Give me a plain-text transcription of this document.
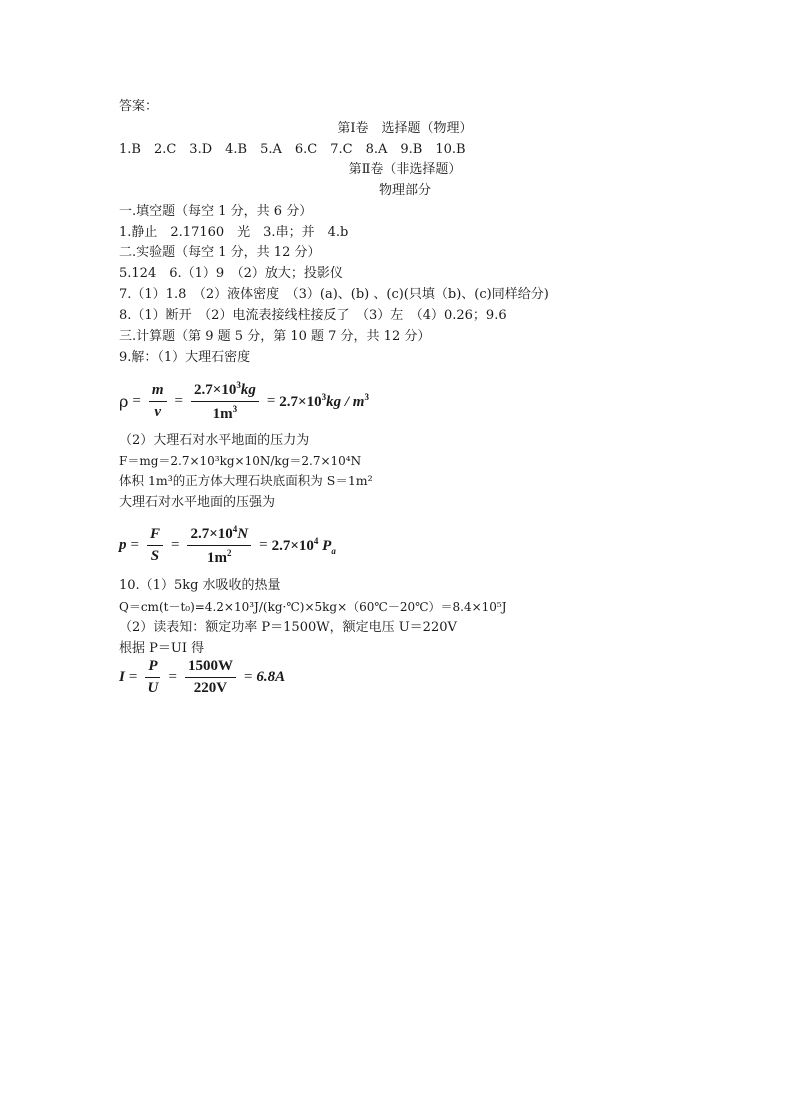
答案：
第Ⅰ卷　选择题（物理）
1.B　2.C　3.D　4.B　5.A　6.C　7.C　8.A　9.B　10.B
第Ⅱ卷（非选择题）
物理部分
一.填空题（每空 1 分，共 6 分）
1.静止　2.17160　光　3.串；并　4.b
二.实验题（每空 1 分，共 12 分）
5.124　6.（1）9　（2）放大；投影仪
7.（1）1.8　（2）液体密度　（3）(a)、(b) 、(c)(只填（b)、(c)同样给分)
8.（1）断开　（2）电流表接线柱接反了　（3）左　（4）0.26；9.6
三.计算题（第 9 题 5 分，第 10 题 7 分，共 12 分）
9.解：（1）大理石密度
$\rho = \frac{m}{v} = \frac{2.7\times 10^3kg}{1m^3} = 2.7\times 10^3kg / m^3$
（2）大理石对水平地面的压力为
F＝mg＝2.7×10³kg×10N/kg＝2.7×10⁴N
体积 1m³的正方体大理石块底面积为 S＝1m²
大理石对水平地面的压强为
$p = \frac{F}{S} = \frac{2.7\times 10^4N}{1m^2} = 2.7\times 10^4$ $P_a$
10.（1）5kg 水吸收的热量
Q＝cm(t－t₀)=4.2×10³J/(kg·℃)×5kg×（60℃－20℃）＝8.4×10⁵J
（2）读表知：额定功率 P＝1500W，额定电压 U＝220V
根据 P＝UI 得
$I = \frac{P}{U} = \frac{1500W}{220V} = 6.8A$
